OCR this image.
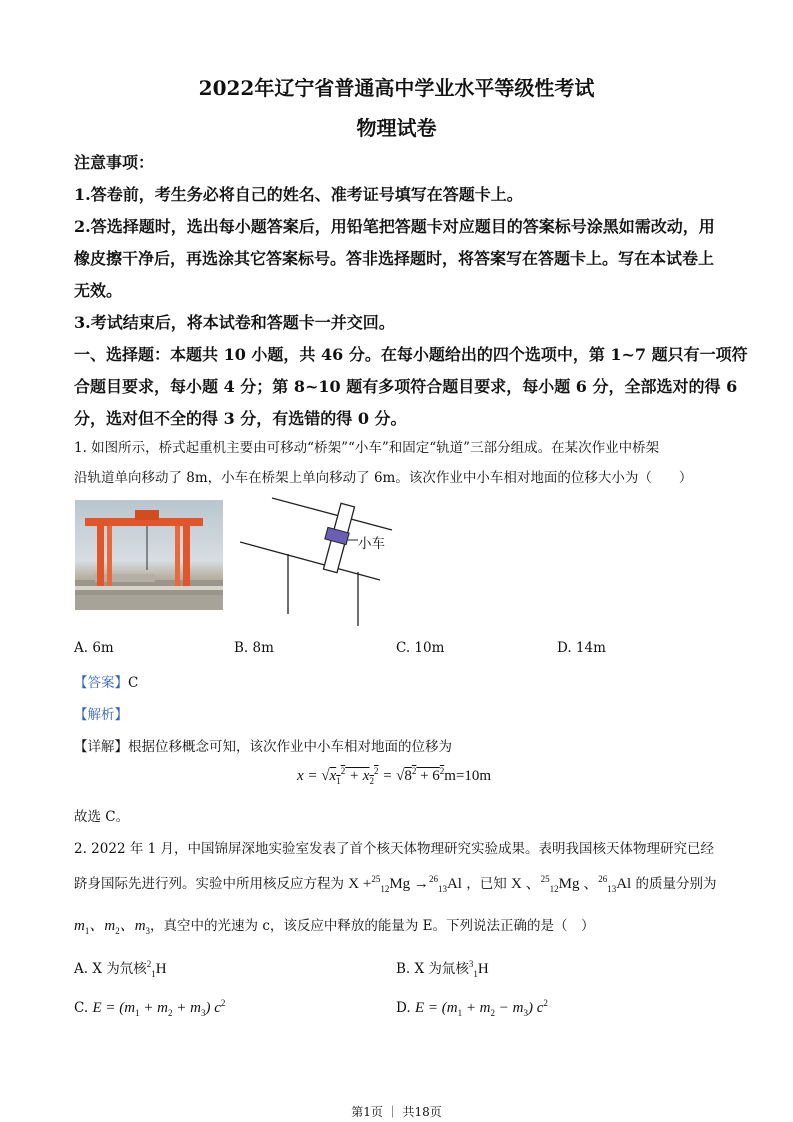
2022年辽宁省普通高中学业水平等级性考试
物理试卷
注意事项：
1.答卷前，考生务必将自己的姓名、准考证号填写在答题卡上。
2.答选择题时，选出每小题答案后，用铅笔把答题卡对应题目的答案标号涂黑如需改动，用
橡皮擦干净后，再选涂其它答案标号。答非选择题时，将答案写在答题卡上。写在本试卷上
无效。
3.考试结束后，将本试卷和答题卡一并交回。
一、选择题：本题共 10 小题，共 46 分。在每小题给出的四个选项中，第 1~7 题只有一项符
合题目要求，每小题 4 分；第 8~10 题有多项符合题目要求，每小题 6 分，全部选对的得 6
分，选对但不全的得 3 分，有选错的得 0 分。
1. 如图所示，桥式起重机主要由可移动“桥架”“小车”和固定“轨道”三部分组成。在某次作业中桥架
沿轨道单向移动了 8m，小车在桥架上单向移动了 6m。该次作业中小车相对地面的位移大小为（　　）
小车
A. 6m	B. 8m	C. 10m	D. 14m
【答案】C
【解析】
【详解】根据位移概念可知，该次作业中小车相对地面的位移为
$x = √x_1^2 + x_2^2 = √8^2 + 6^2m=10m$
故选 C。
2. 2022 年 1 月，中国锦屏深地实验室发表了首个核天体物理研究实验成果。表明我国核天体物理研究已经
跻身国际先进行列。实验中所用核反应方程为 X +$^{25}_{12}$Mg →$^{26}_{13}$Al ，已知 X 、$^{25}_{12}$Mg 、$^{26}_{13}$Al 的质量分别为
$m_1$、$m_2$、$m_3$，真空中的光速为 c，该反应中释放的能量为 E。下列说法正确的是（　）
A. X 为氘核$^2_1$H	B. X 为氚核$^3_1$H
C. $E = (m_1 + m_2 + m_3)$ $c^2$	D. $E = (m_1 + m_2 - m_3)$ $c^2$
第1页 ｜ 共18页
